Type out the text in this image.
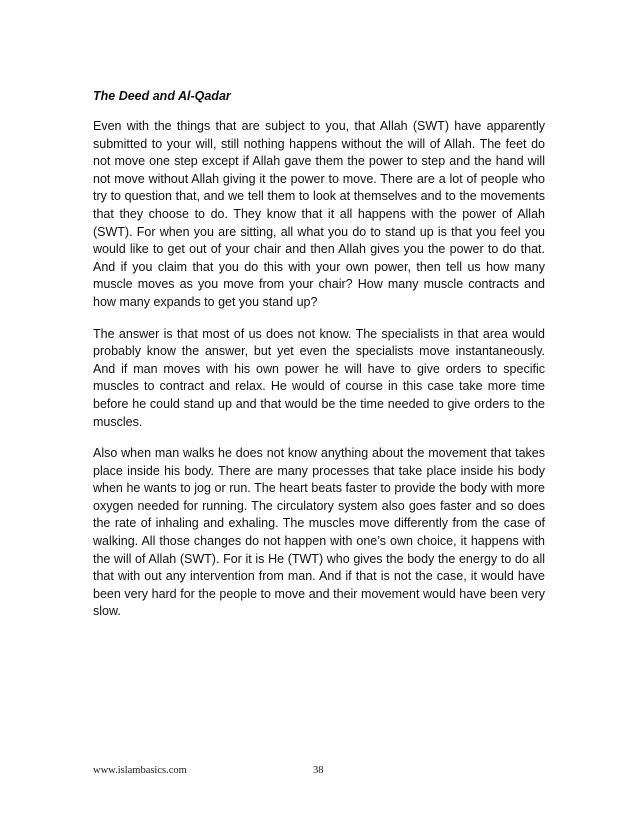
The Deed and Al-Qadar

Even with the things that are subject to you, that Allah (SWT) have apparently submitted to your will, still nothing happens without the will of Allah. The feet do not move one step except if Allah gave them the power to step and the hand will not move without Allah giving it the power to move. There are a lot of people who try to question that, and we tell them to look at themselves and to the movements that they choose to do. They know that it all happens with the power of Allah (SWT). For when you are sitting, all what you do to stand up is that you feel you would like to get out of your chair and then Allah gives you the power to do that. And if you claim that you do this with your own power, then tell us how many muscle moves as you move from your chair? How many muscle contracts and how many expands to get you stand up?

The answer is that most of us does not know. The specialists in that area would probably know the answer, but yet even the specialists move instantaneously. And if man moves with his own power he will have to give orders to specific muscles to contract and relax. He would of course in this case take more time before he could stand up and that would be the time needed to give orders to the muscles.

Also when man walks he does not know anything about the movement that takes place inside his body. There are many processes that take place inside his body when he wants to jog or run. The heart beats faster to provide the body with more oxygen needed for running. The circulatory system also goes faster and so does the rate of inhaling and exhaling. The muscles move differently from the case of walking. All those changes do not happen with one’s own choice, it happens with the will of Allah (SWT). For it is He (TWT) who gives the body the energy to do all that with out any intervention from man. And if that is not the case, it would have been very hard for the people to move and their movement would have been very slow.

www.islambasics.com	38
